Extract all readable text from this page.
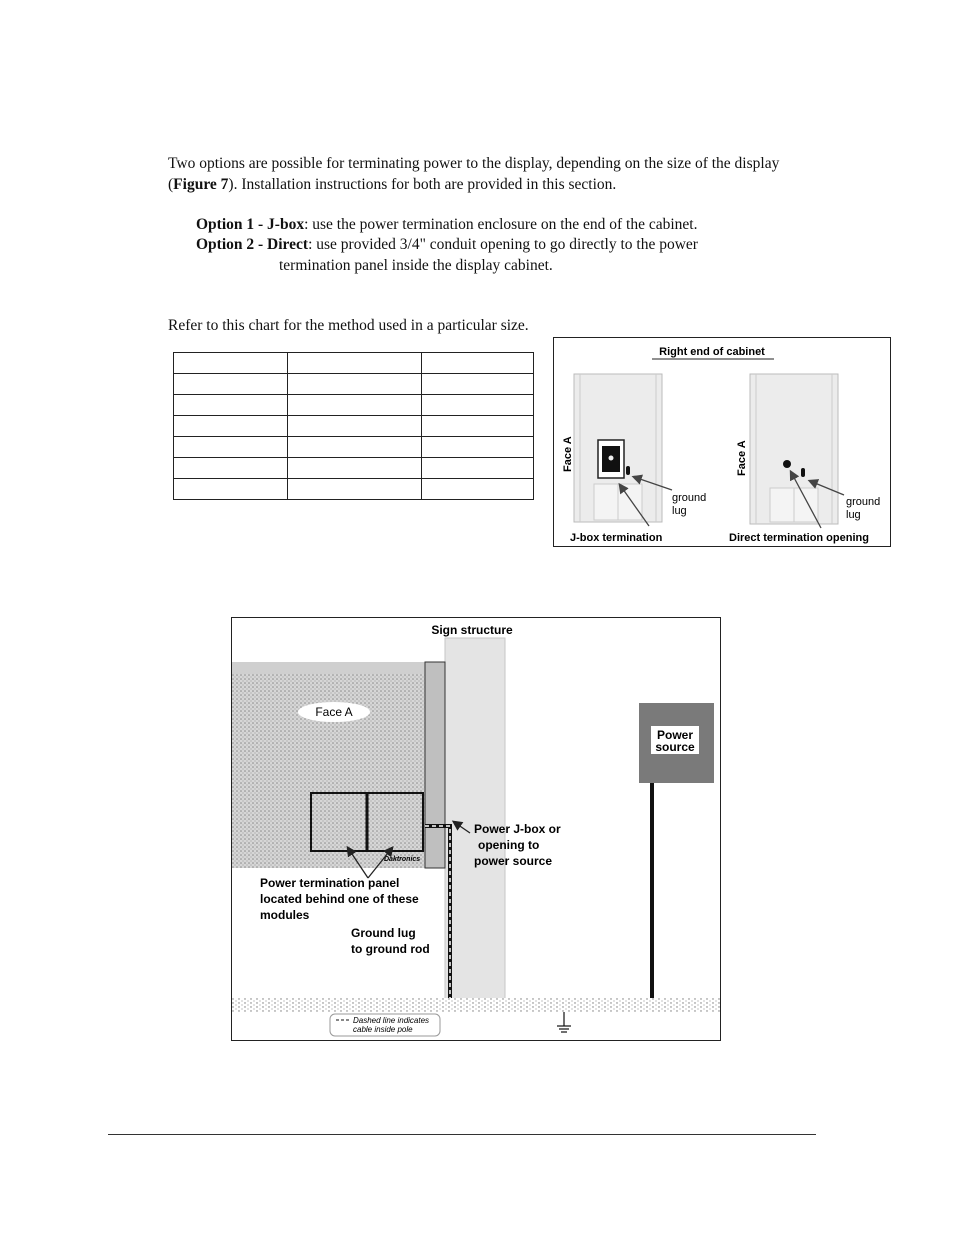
Two options are possible for terminating power to the display, depending on the size of the display (Figure 7). Installation instructions for both are provided in this section.
Option 1 - J-box: use the power termination enclosure on the end of the cabinet.
Option 2 - Direct: use provided 3/4" conduit opening to go directly to the power
termination panel inside the display cabinet.
Refer to this chart for the method used in a particular size.

Right end of cabinet
Face A
ground
lug
J-box termination
Face A
ground
lug
Direct termination opening
Sign structure
Face A
Daktronics
Power
source
Power J-box or
opening to
power source
Power termination panel
located behind one of these
modules
Ground lug
to ground rod
Dashed line indicates
cable inside pole
